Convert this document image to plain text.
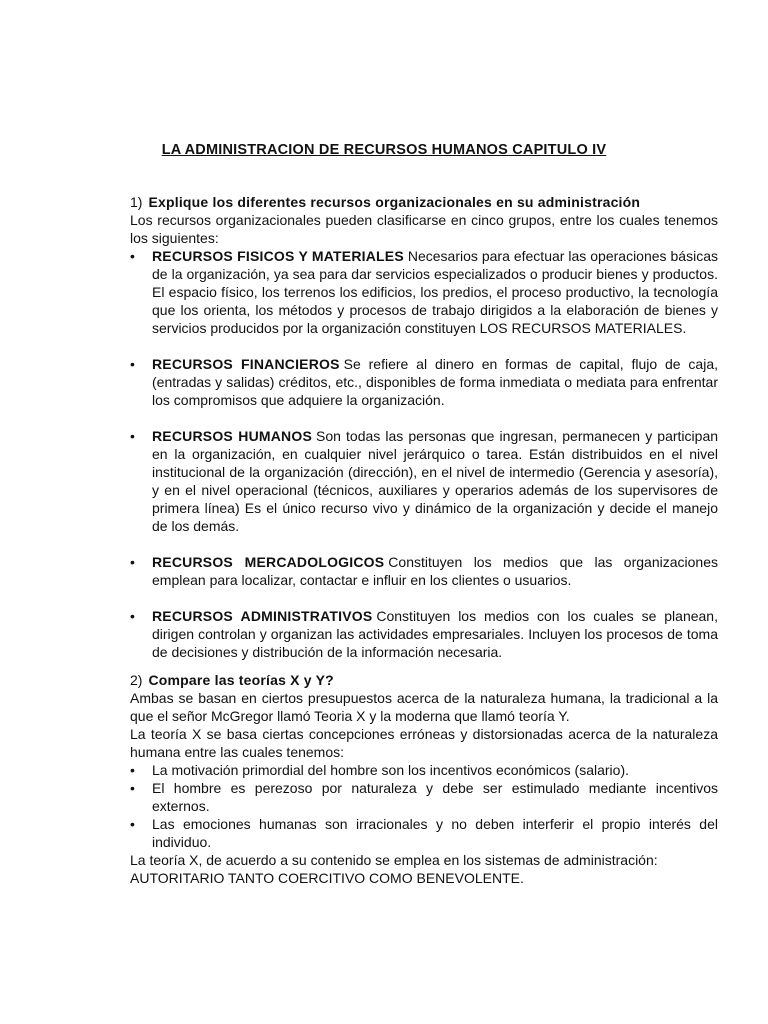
LA ADMINISTRACION DE RECURSOS HUMANOS CAPITULO IV
1) Explique los diferentes recursos organizacionales en su administración

Los recursos organizacionales pueden clasificarse en cinco grupos, entre los cuales tenemos los siguientes:

•	RECURSOS FISICOS Y MATERIALES Necesarios para efectuar las operaciones básicas de la organización, ya sea para dar servicios especializados o producir bienes y productos. El espacio físico, los terrenos los edificios, los predios, el proceso productivo, la tecnología que los orienta, los métodos y procesos de trabajo dirigidos a la elaboración de bienes y servicios producidos por la organización constituyen LOS RECURSOS MATERIALES.
•	RECURSOS FINANCIEROS Se refiere al dinero en formas de capital, flujo de caja, (entradas y salidas) créditos, etc., disponibles de forma inmediata o mediata para enfrentar los compromisos que adquiere la organización.
•	RECURSOS HUMANOS Son todas las personas que ingresan, permanecen y participan en la organización, en cualquier nivel jerárquico o tarea. Están distribuidos en el nivel institucional de la organización (dirección), en el nivel de intermedio (Gerencia y asesoría), y en el nivel operacional (técnicos, auxiliares y operarios además de los supervisores de primera línea) Es el único recurso vivo y dinámico de la organización y decide el manejo de los demás.
•	RECURSOS MERCADOLOGICOS Constituyen los medios que las organizaciones emplean para localizar, contactar e influir en los clientes o usuarios.
•	RECURSOS ADMINISTRATIVOS Constituyen los medios con los cuales se planean, dirigen controlan y organizan las actividades empresariales. Incluyen los procesos de toma de decisiones y distribución de la información necesaria.
2) Compare las teorías X y Y?

Ambas se basan en ciertos presupuestos acerca de la naturaleza humana, la tradicional a la que el señor McGregor llamó Teoria X y la moderna que llamó teoría Y.

La teoría X se basa ciertas concepciones erróneas y distorsionadas acerca de la naturaleza humana entre las cuales tenemos:

•	La motivación primordial del hombre son los incentivos económicos (salario).
•	El hombre es perezoso por naturaleza y debe ser estimulado mediante incentivos externos.
•	Las emociones humanas son irracionales y no deben interferir el propio interés del individuo.

La teoría X, de acuerdo a su contenido se emplea en los sistemas de administración: AUTORITARIO TANTO COERCITIVO COMO BENEVOLENTE.
